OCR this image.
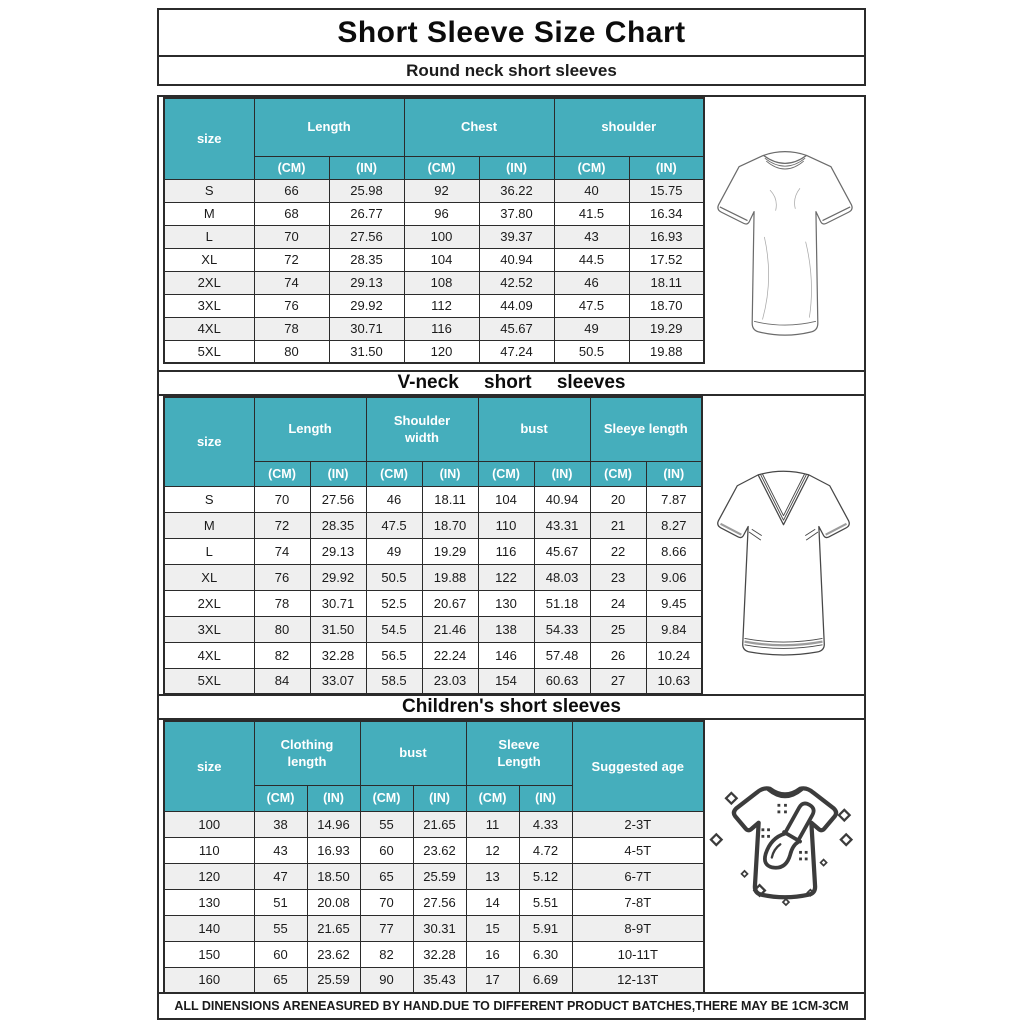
Short Sleeve Size Chart
Round neck short sleeves
size	Length		Chest		shoulder	
	(CM)	(IN)	(CM)	(IN)	(CM)	(IN)
S	66	25.98	92	36.22	40	15.75
M	68	26.77	96	37.80	41.5	16.34
L	70	27.56	100	39.37	43	16.93
XL	72	28.35	104	40.94	44.5	17.52
2XL	74	29.13	108	42.52	46	18.11
3XL	76	29.92	112	44.09	47.5	18.70
4XL	78	30.71	116	45.67	49	19.29
5XL	80	31.50	120	47.24	50.5	19.88
V-neck short sleeves
size	Length		Shoulder width		bust		Sleeye length	
	(CM)	(IN)	(CM)	(IN)	(CM)	(IN)	(CM)	(IN)
S	70	27.56	46	18.11	104	40.94	20	7.87
M	72	28.35	47.5	18.70	110	43.31	21	8.27
L	74	29.13	49	19.29	116	45.67	22	8.66
XL	76	29.92	50.5	19.88	122	48.03	23	9.06
2XL	78	30.71	52.5	20.67	130	51.18	24	9.45
3XL	80	31.50	54.5	21.46	138	54.33	25	9.84
4XL	82	32.28	56.5	22.24	146	57.48	26	10.24
5XL	84	33.07	58.5	23.03	154	60.63	27	10.63
Children's short sleeves
size	Clothing length		bust		Sleeve Length		Suggested age
	(CM)	(IN)	(CM)	(IN)	(CM)	(IN)	
100	38	14.96	55	21.65	11	4.33	2-3T
110	43	16.93	60	23.62	12	4.72	4-5T
120	47	18.50	65	25.59	13	5.12	6-7T
130	51	20.08	70	27.56	14	5.51	7-8T
140	55	21.65	77	30.31	15	5.91	8-9T
150	60	23.62	82	32.28	16	6.30	10-11T
160	65	25.59	90	35.43	17	6.69	12-13T
ALL DINENSIONS ARENEASURED BY HAND.DUE TO DIFFERENT PRODUCT BATCHES,THERE MAY BE 1CM-3CM
